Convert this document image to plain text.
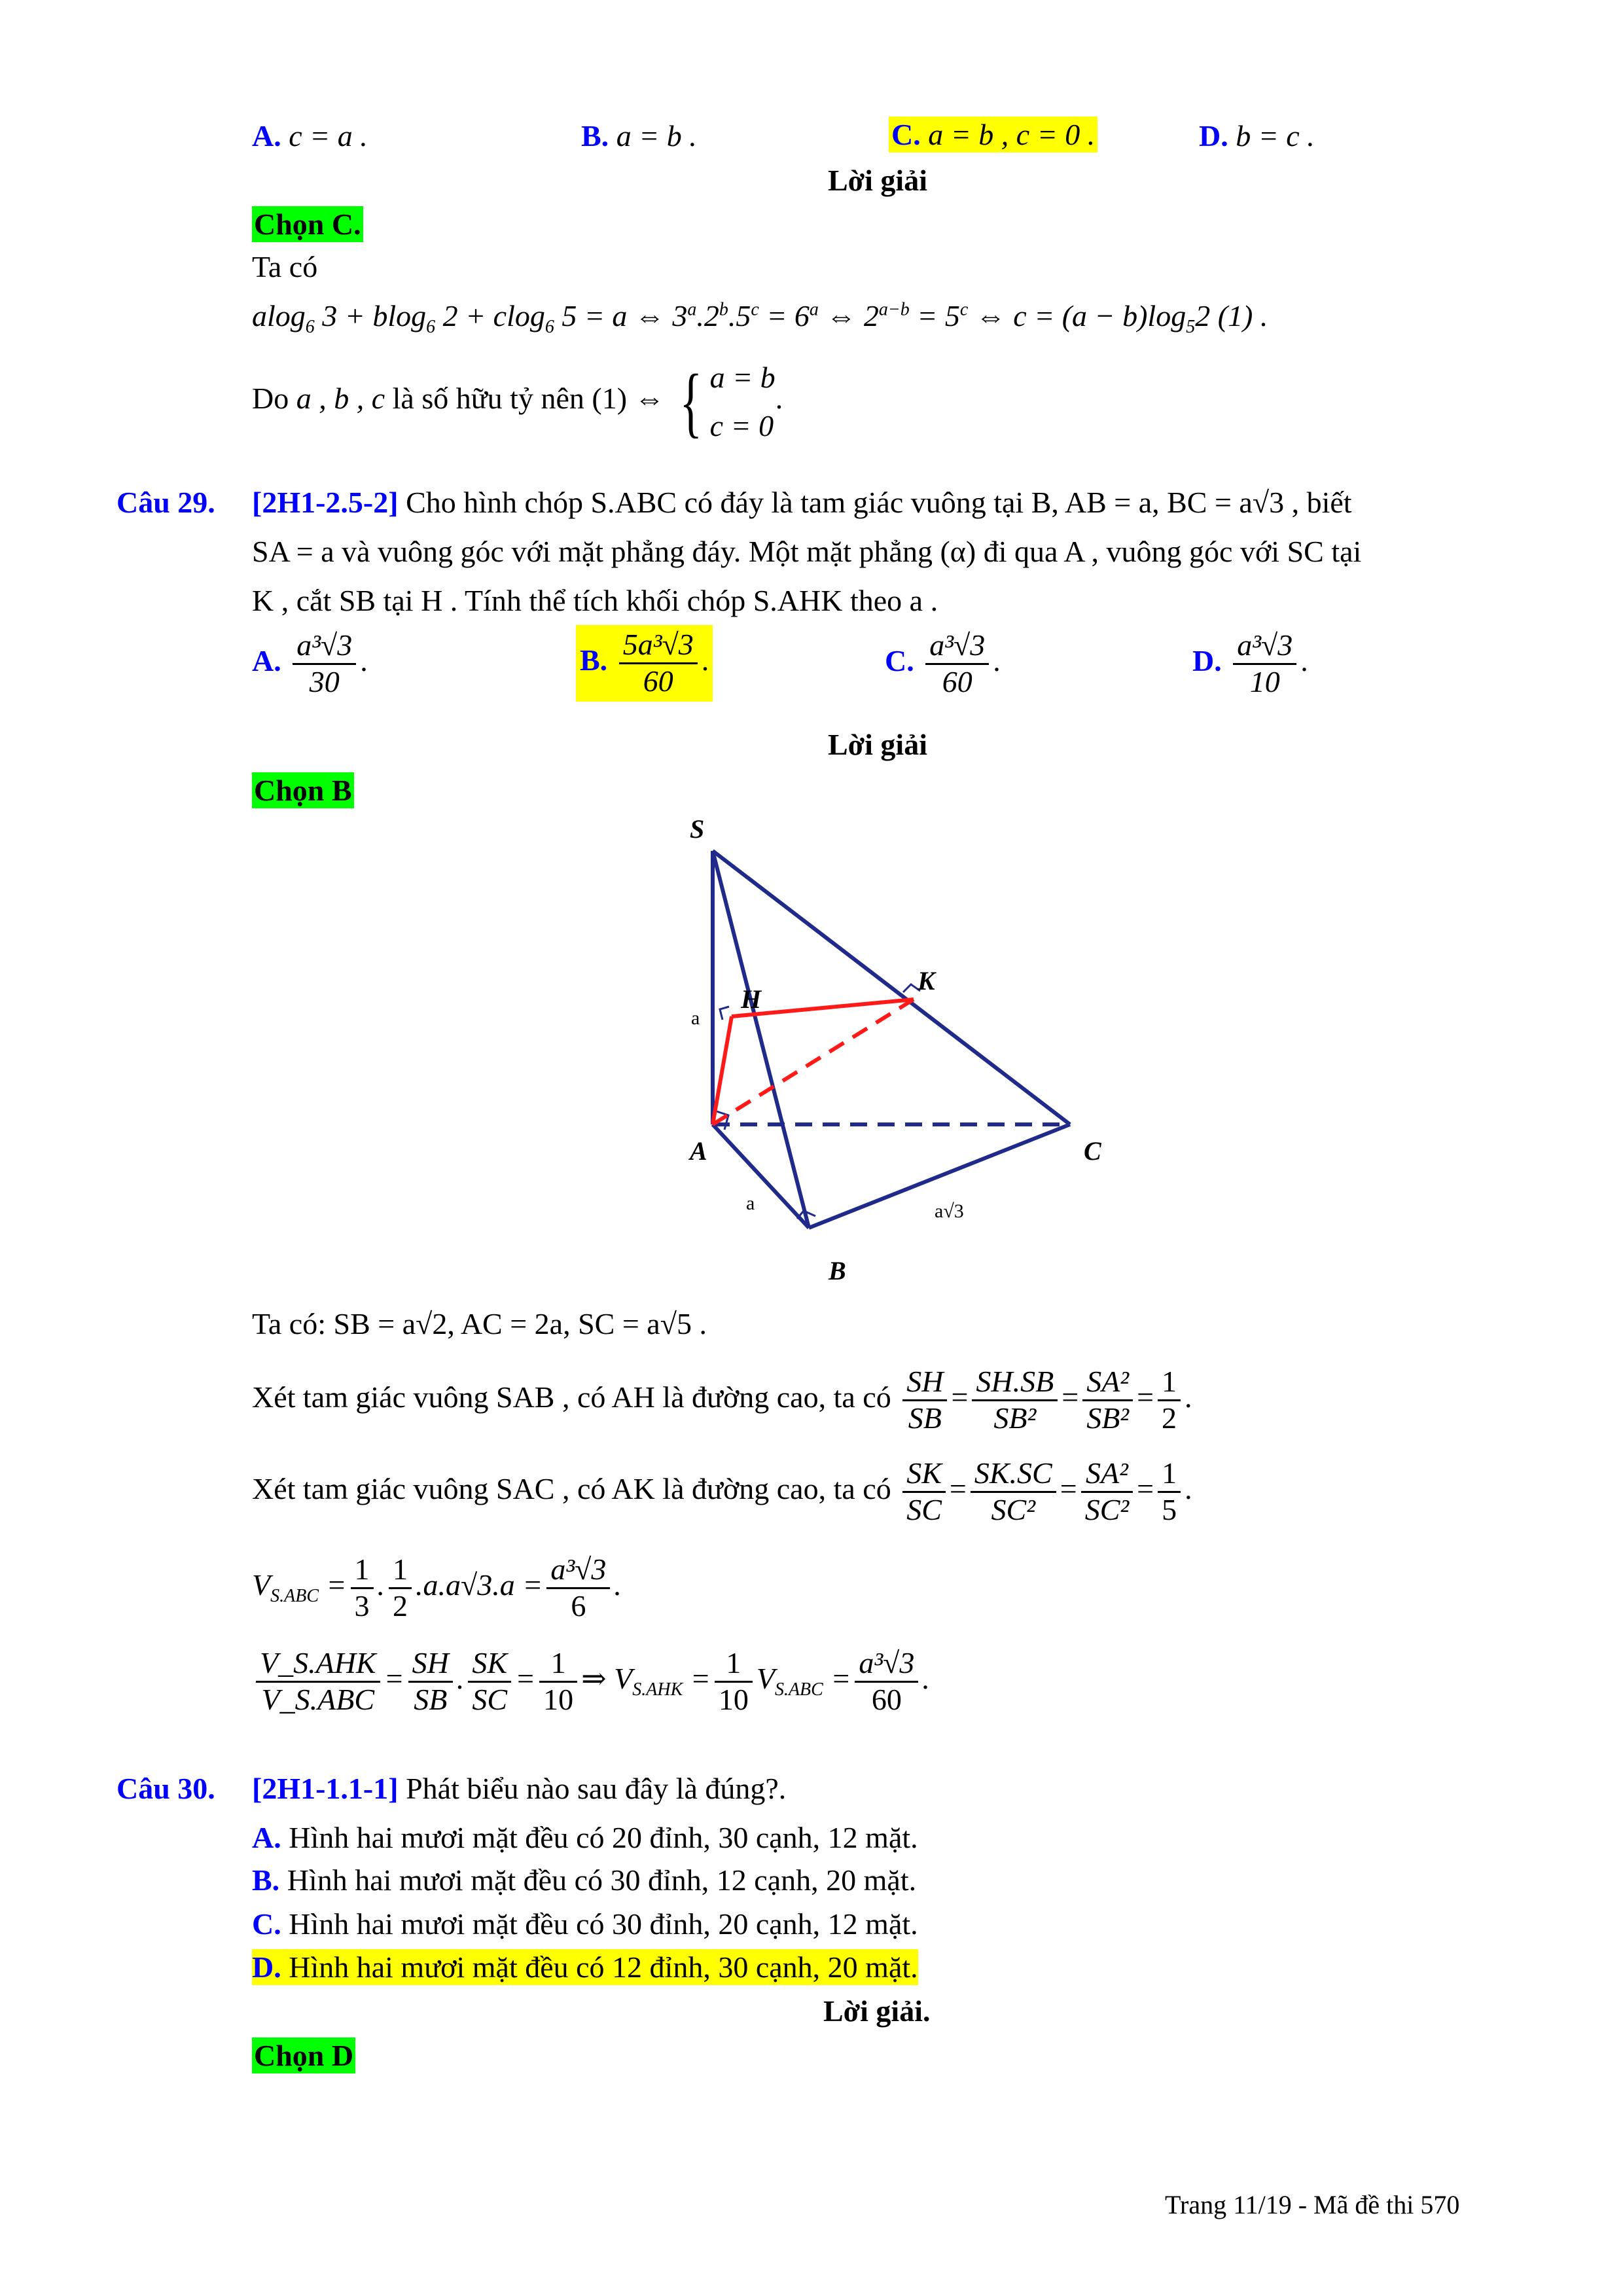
A. c = a .	B. a = b .	C. a = b , c = 0 .	D. b = c .
Lời giải
Chọn C.
Ta có
alog$_6$ 3 + blog$_6$ 2 + clog$_6$ 5 = a ⇔ $3^a.2^b.5^c = 6^a$ ⇔ $2^{a-b} = 5^c$ ⇔ $c = (a - b)\log_52$ (1) .
Do a , b , c là số hữu tỷ nên (1) ⇔ { a = b
c = 0
.
Câu 29. [2H1-2.5-2] Cho hình chóp S.ABC có đáy là tam giác vuông tại B, AB = a, BC = a√3 , biết
SA = a và vuông góc với mặt phẳng đáy. Một mặt phẳng (α) đi qua A , vuông góc với SC tại
K , cắt SB tại H . Tính thể tích khối chóp S.AHK theo a .
A. $\frac{\text{a³√3}}{30}$ .	B. $\frac{\text{5a³√3}}{60}$ .	C. $\frac{\text{a³√3}}{60}$ .	D. $\frac{\text{a³√3}}{10}$ .
Lời giải
Chọn B
S
H
K
A	C
B
a
a	a√3
Ta có: SB = a√2, AC = 2a, SC = a√5 .
Xét tam giác vuông SAB , có AH là đường cao, ta có $\frac{SH}{SB} = \frac{SH.SB}{\text{SB²}} = \frac{\text{SA²}}{\text{SB²}} = \frac{1}{2}$ .
Xét tam giác vuông SAC , có AK là đường cao, ta có $\frac{SK}{SC} = \frac{SK.SC}{\text{SC²}} = \frac{\text{SA²}}{\text{SC²}} = \frac{1}{5}$ .
$V_{S.ABC} = \frac{1}{3}$ . $\frac{1}{2} .a.a√3.a = \frac{\text{a³√3}}{6}$ .
$\frac{\text{V\_S.AHK}}{\text{V\_S.ABC}} = \frac{SH}{SB}$ . $\frac{SK}{SC} = \frac{1}{10}$ ⇒ $V_{S.AHK} = \frac{1}{10} V_{S.ABC} = \frac{\text{a³√3}}{60}$ .
Câu 30. [2H1-1.1-1] Phát biểu nào sau đây là đúng?.
A. Hình hai mươi mặt đều có 20 đỉnh, 30 cạnh, 12 mặt.
B. Hình hai mươi mặt đều có 30 đỉnh, 12 cạnh, 20 mặt.
C. Hình hai mươi mặt đều có 30 đỉnh, 20 cạnh, 12 mặt.
D. Hình hai mươi mặt đều có 12 đỉnh, 30 cạnh, 20 mặt.
Lời giải.
Chọn D
Trang 11/19 - Mã đề thi 570
